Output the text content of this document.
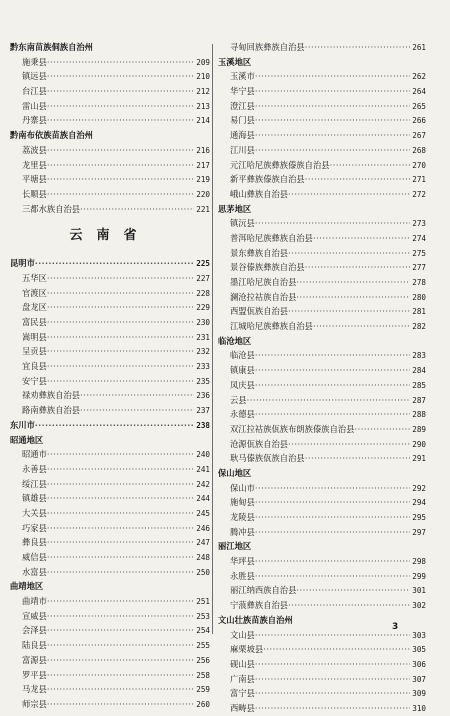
黔东南苗族侗族自治州
施秉县 ·····	209
镇远县 ·····	210
台江县 ·····	212
雷山县 ·····	213
丹寨县 ·····	214
黔南布依族苗族自治州
荔波县 ·····	216
龙里县 ·····	217
平塘县 ·····	219
长顺县 ·····	220
三都水族自治县 ·····	221
云南省
昆明市 ·····	225
五华区 ·····	227
官渡区 ·····	228
盘龙区 ·····	229
富民县 ·····	230
嵩明县 ·····	231
呈贡县 ·····	232
宜良县 ·····	233
安宁县 ·····	235
禄劝彝族自治县 ·····	236
路南彝族自治县 ·····	237
东川市 ·····	238
昭通地区
昭通市 ·····	240
永善县 ·····	241
绥江县 ·····	242
镇雄县 ·····	244
大关县 ·····	245
巧家县 ·····	246
彝良县 ·····	247
威信县 ·····	248
水富县 ·····	250
曲靖地区
曲靖市 ·····	251
宣威县 ·····	253
会泽县 ·····	254
陆良县 ·····	255
富源县 ·····	256
罗平县 ·····	258
马龙县 ·····	259
师宗县 ·····	260
寻甸回族彝族自治县 ·····	261
玉溪地区
玉溪市 ·····	262
华宁县 ·····	264
澄江县 ·····	265
易门县 ·····	266
通海县 ·····	267
江川县 ·····	268
元江哈尼族彝族傣族自治县 ·····	270
新平彝族傣族自治县 ·····	271
峨山彝族自治县 ·····	272
思茅地区
镇沅县 ·····	273
普洱哈尼族彝族自治县 ·····	274
景东彝族自治县 ·····	275
景谷傣族彝族自治县 ·····	277
墨江哈尼族自治县 ·····	278
澜沧拉祜族自治县 ·····	280
西盟佤族自治县 ·····	281
江城哈尼族彝族自治县 ·····	282
临沧地区
临沧县 ·····	283
镇康县 ·····	284
凤庆县 ·····	285
云县 ·····	287
永德县 ·····	288
双江拉祜族佤族布朗族傣族自治县 ·····	289
沧源佤族自治县 ·····	290
耿马傣族佤族自治县 ·····	291
保山地区
保山市 ·····	292
施甸县 ·····	294
龙陵县 ·····	295
腾冲县 ·····	297
丽江地区
华坪县 ·····	298
永胜县 ·····	299
丽江纳西族自治县 ·····	301
宁蒗彝族自治县 ·····	302
文山壮族苗族自治州
文山县 ·····	303
麻栗坡县 ·····	305
砚山县 ·····	306
广南县 ·····	307
富宁县 ·····	309
西畴县 ·····	310
3
